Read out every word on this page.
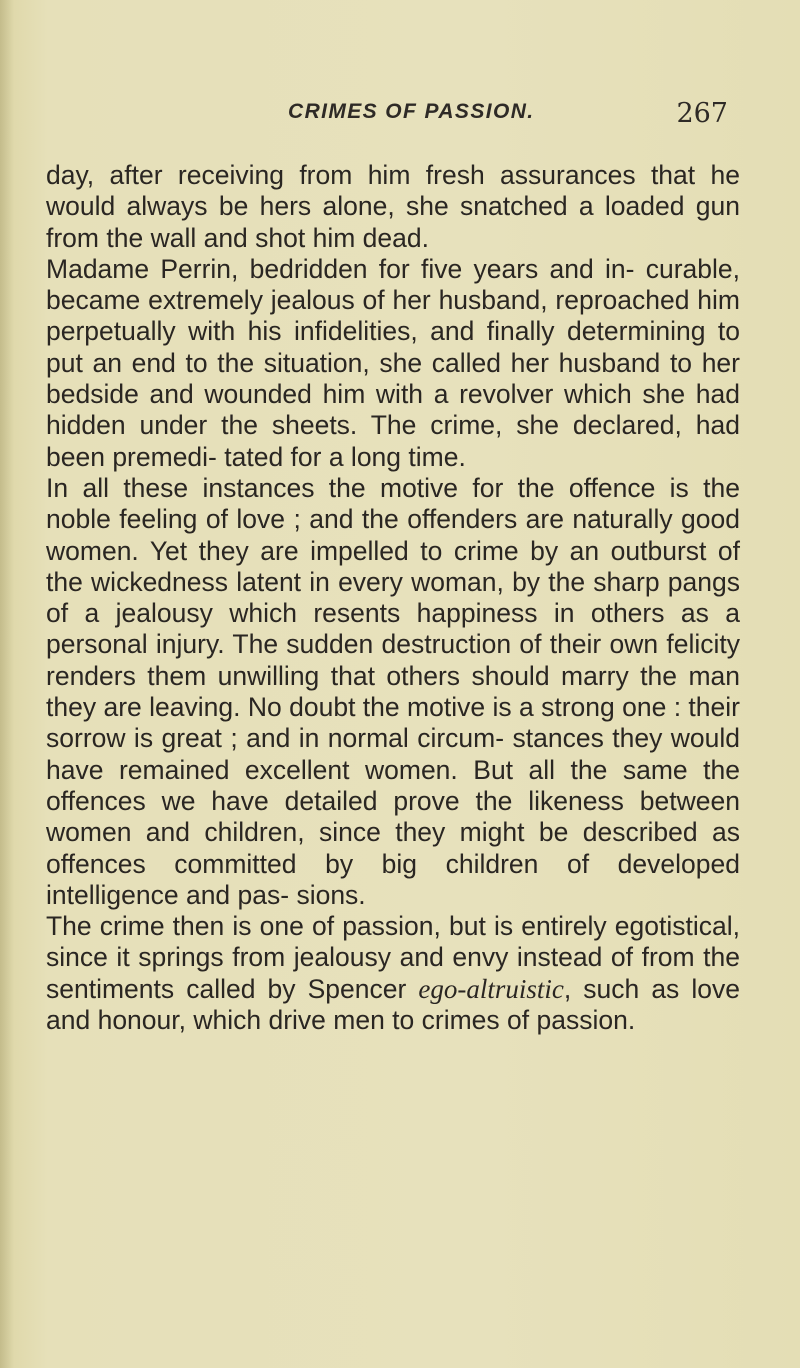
CRIMES OF PASSION.	267

day, after receiving from him fresh assurances that he would always be hers alone, she snatched a loaded gun from the wall and shot him dead.

Madame Perrin, bedridden for five years and in- curable, became extremely jealous of her husband, reproached him perpetually with his infidelities, and finally determining to put an end to the situation, she called her husband to her bedside and wounded him with a revolver which she had hidden under the sheets. The crime, she declared, had been premedi- tated for a long time.

In all these instances the motive for the offence is the noble feeling of love ; and the offenders are naturally good women. Yet they are impelled to crime by an outburst of the wickedness latent in every woman, by the sharp pangs of a jealousy which resents happiness in others as a personal injury. The sudden destruction of their own felicity renders them unwilling that others should marry the man they are leaving. No doubt the motive is a strong one : their sorrow is great ; and in normal circum- stances they would have remained excellent women. But all the same the offences we have detailed prove the likeness between women and children, since they might be described as offences committed by big children of developed intelligence and pas- sions.

The crime then is one of passion, but is entirely egotistical, since it springs from jealousy and envy instead of from the sentiments called by Spencer ego-altruistic, such as love and honour, which drive men to crimes of passion.
